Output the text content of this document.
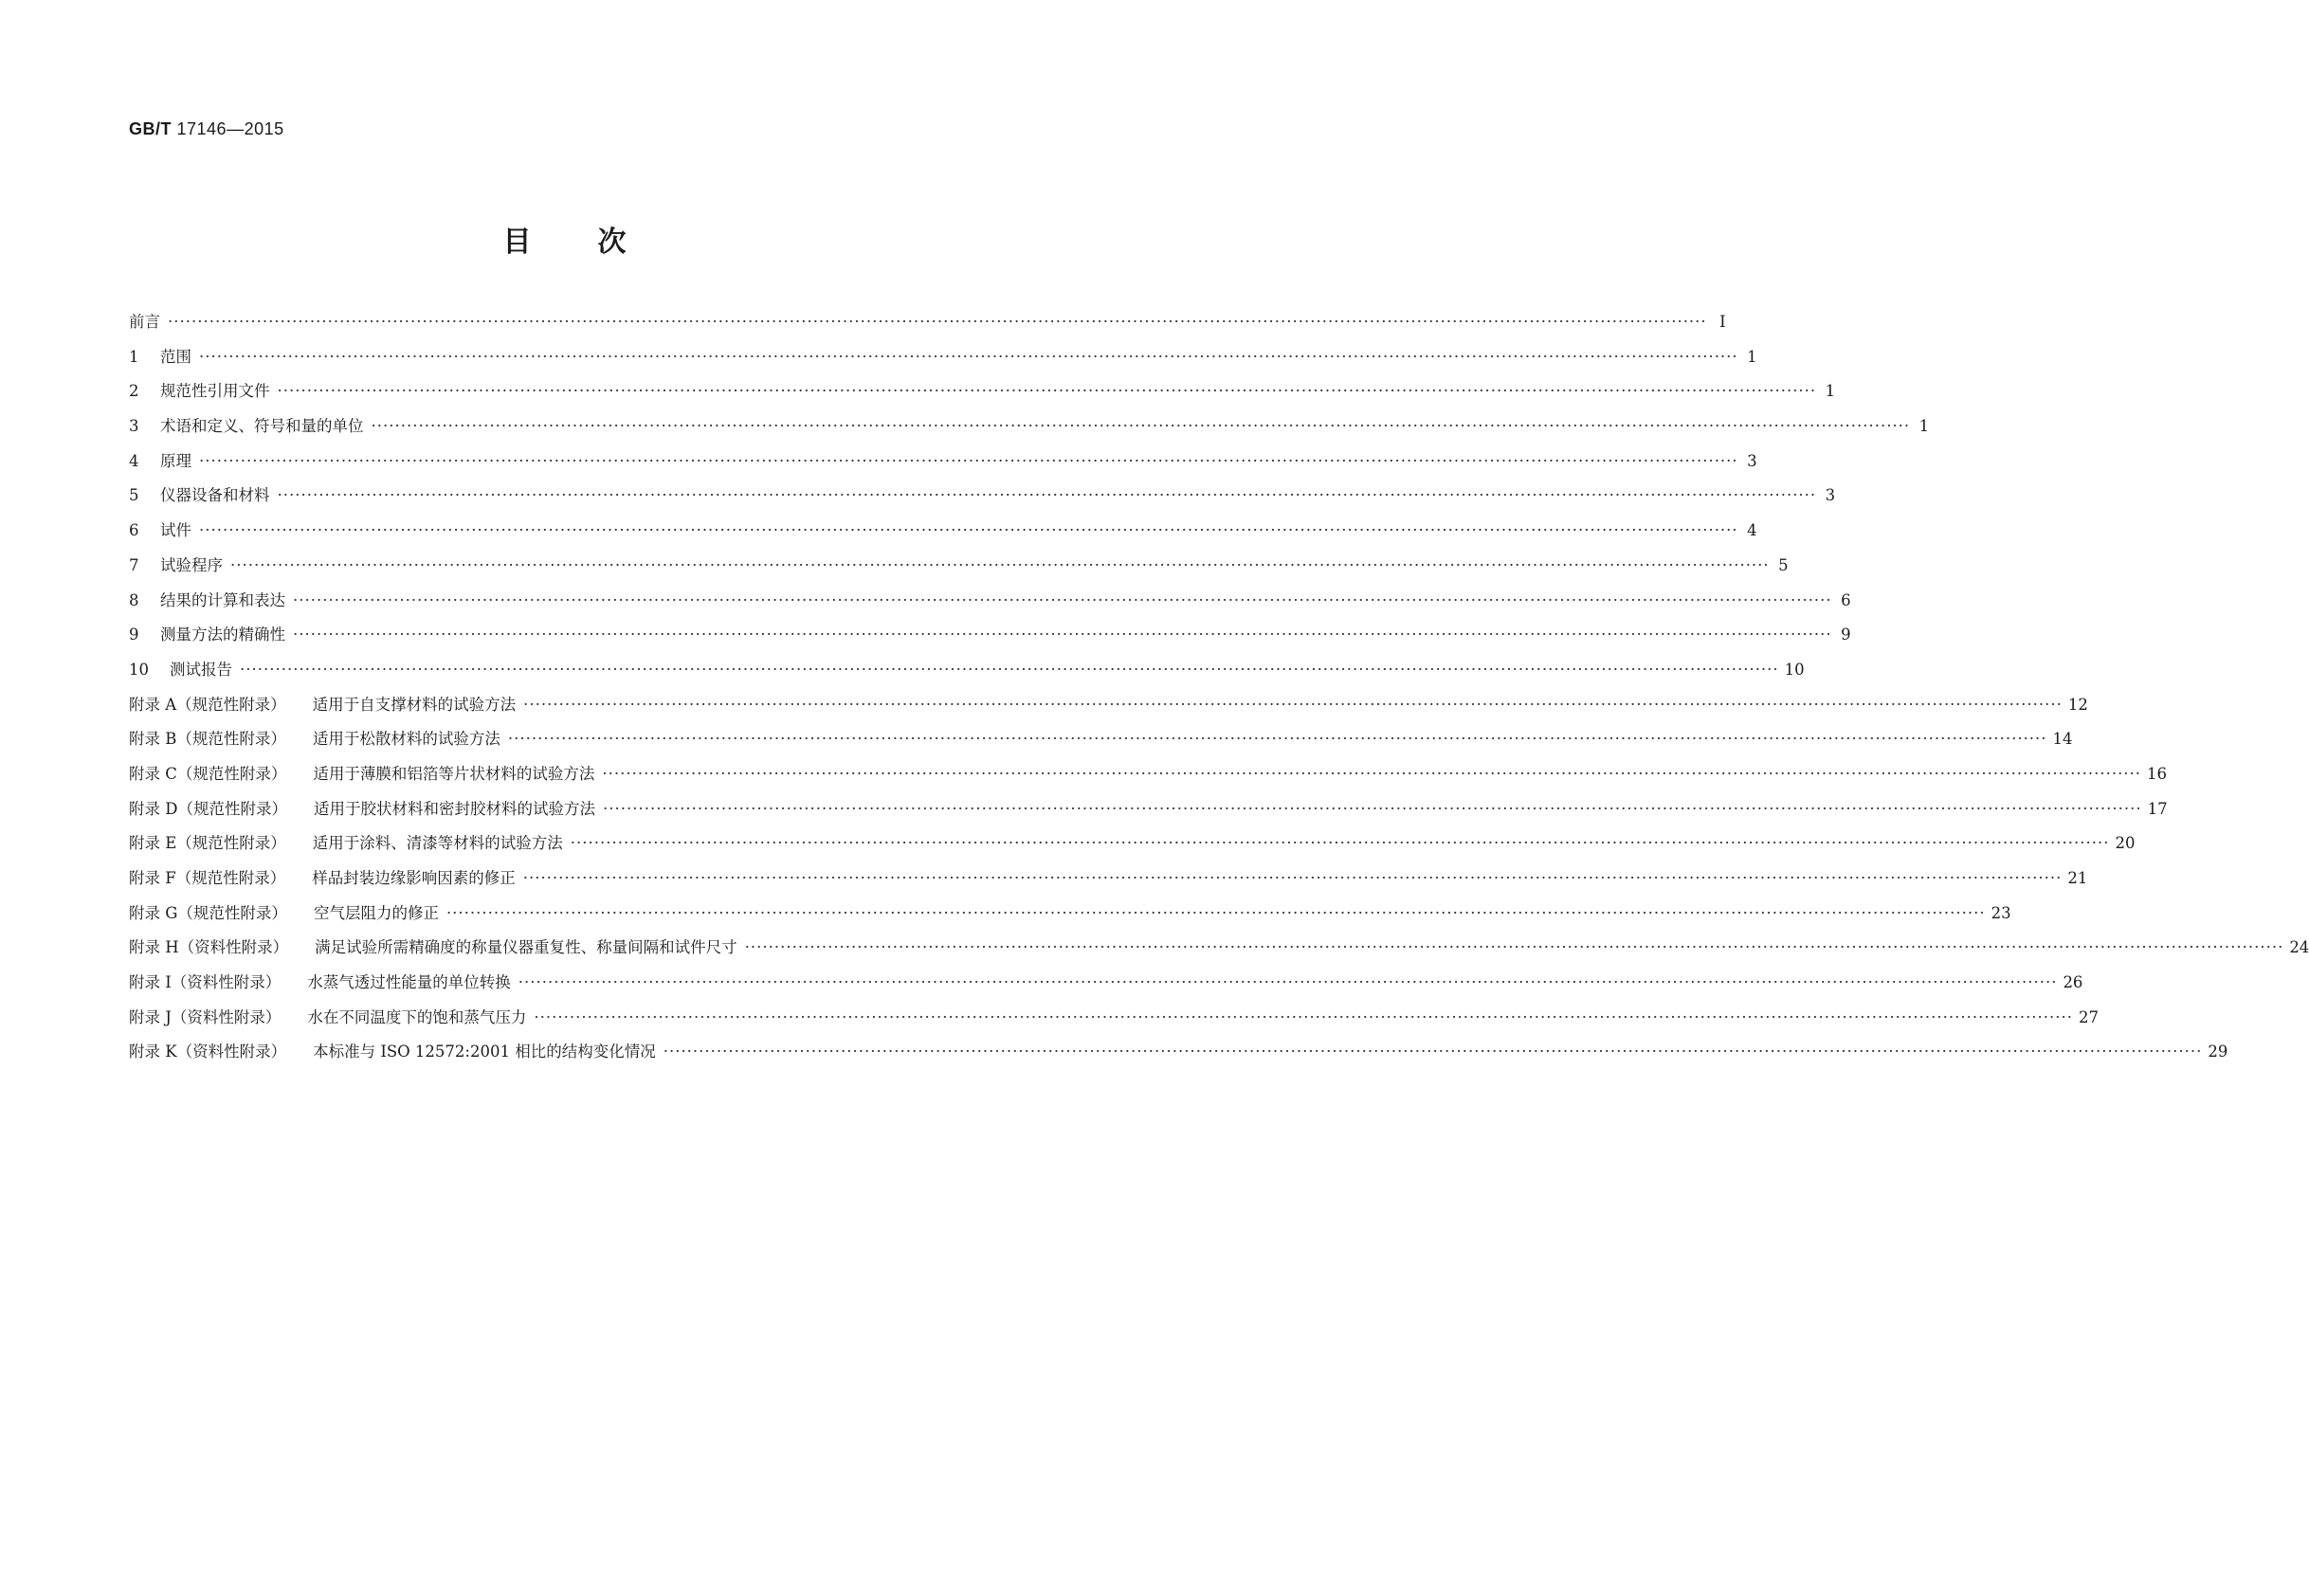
GB/T 17146—2015
目 次
前言 ···································································································································································································································································· Ⅰ
1	范围 ···································································································································································································································································· 1
2	规范性引用文件 ···································································································································································································································································· 1
3	术语和定义、符号和量的单位 ···································································································································································································································································· 1
4	原理 ···································································································································································································································································· 3
5	仪器设备和材料 ···································································································································································································································································· 3
6	试件 ···································································································································································································································································· 4
7	试验程序 ···································································································································································································································································· 5
8	结果的计算和表达 ···································································································································································································································································· 6
9	测量方法的精确性 ···································································································································································································································································· 9
10	测试报告 ···································································································································································································································································· 10
附录 A（规范性附录） 适用于自支撑材料的试验方法 ···································································································································································································································································· 12
附录 B（规范性附录） 适用于松散材料的试验方法 ···································································································································································································································································· 14
附录 C（规范性附录） 适用于薄膜和铝箔等片状材料的试验方法 ···································································································································································································································································· 16
附录 D（规范性附录） 适用于胶状材料和密封胶材料的试验方法 ···································································································································································································································································· 17
附录 E（规范性附录） 适用于涂料、清漆等材料的试验方法 ···································································································································································································································································· 20
附录 F（规范性附录） 样品封装边缘影响因素的修正 ···································································································································································································································································· 21
附录 G（规范性附录） 空气层阻力的修正 ···································································································································································································································································· 23
附录 H（资料性附录） 满足试验所需精确度的称量仪器重复性、称量间隔和试件尺寸 ···································································································································································································································································· 24
附录 I（资料性附录） 水蒸气透过性能量的单位转换 ···································································································································································································································································· 26
附录 J（资料性附录） 水在不同温度下的饱和蒸气压力 ···································································································································································································································································· 27
附录 K（资料性附录） 本标准与 ISO 12572:2001 相比的结构变化情况 ···································································································································································································································································· 29
